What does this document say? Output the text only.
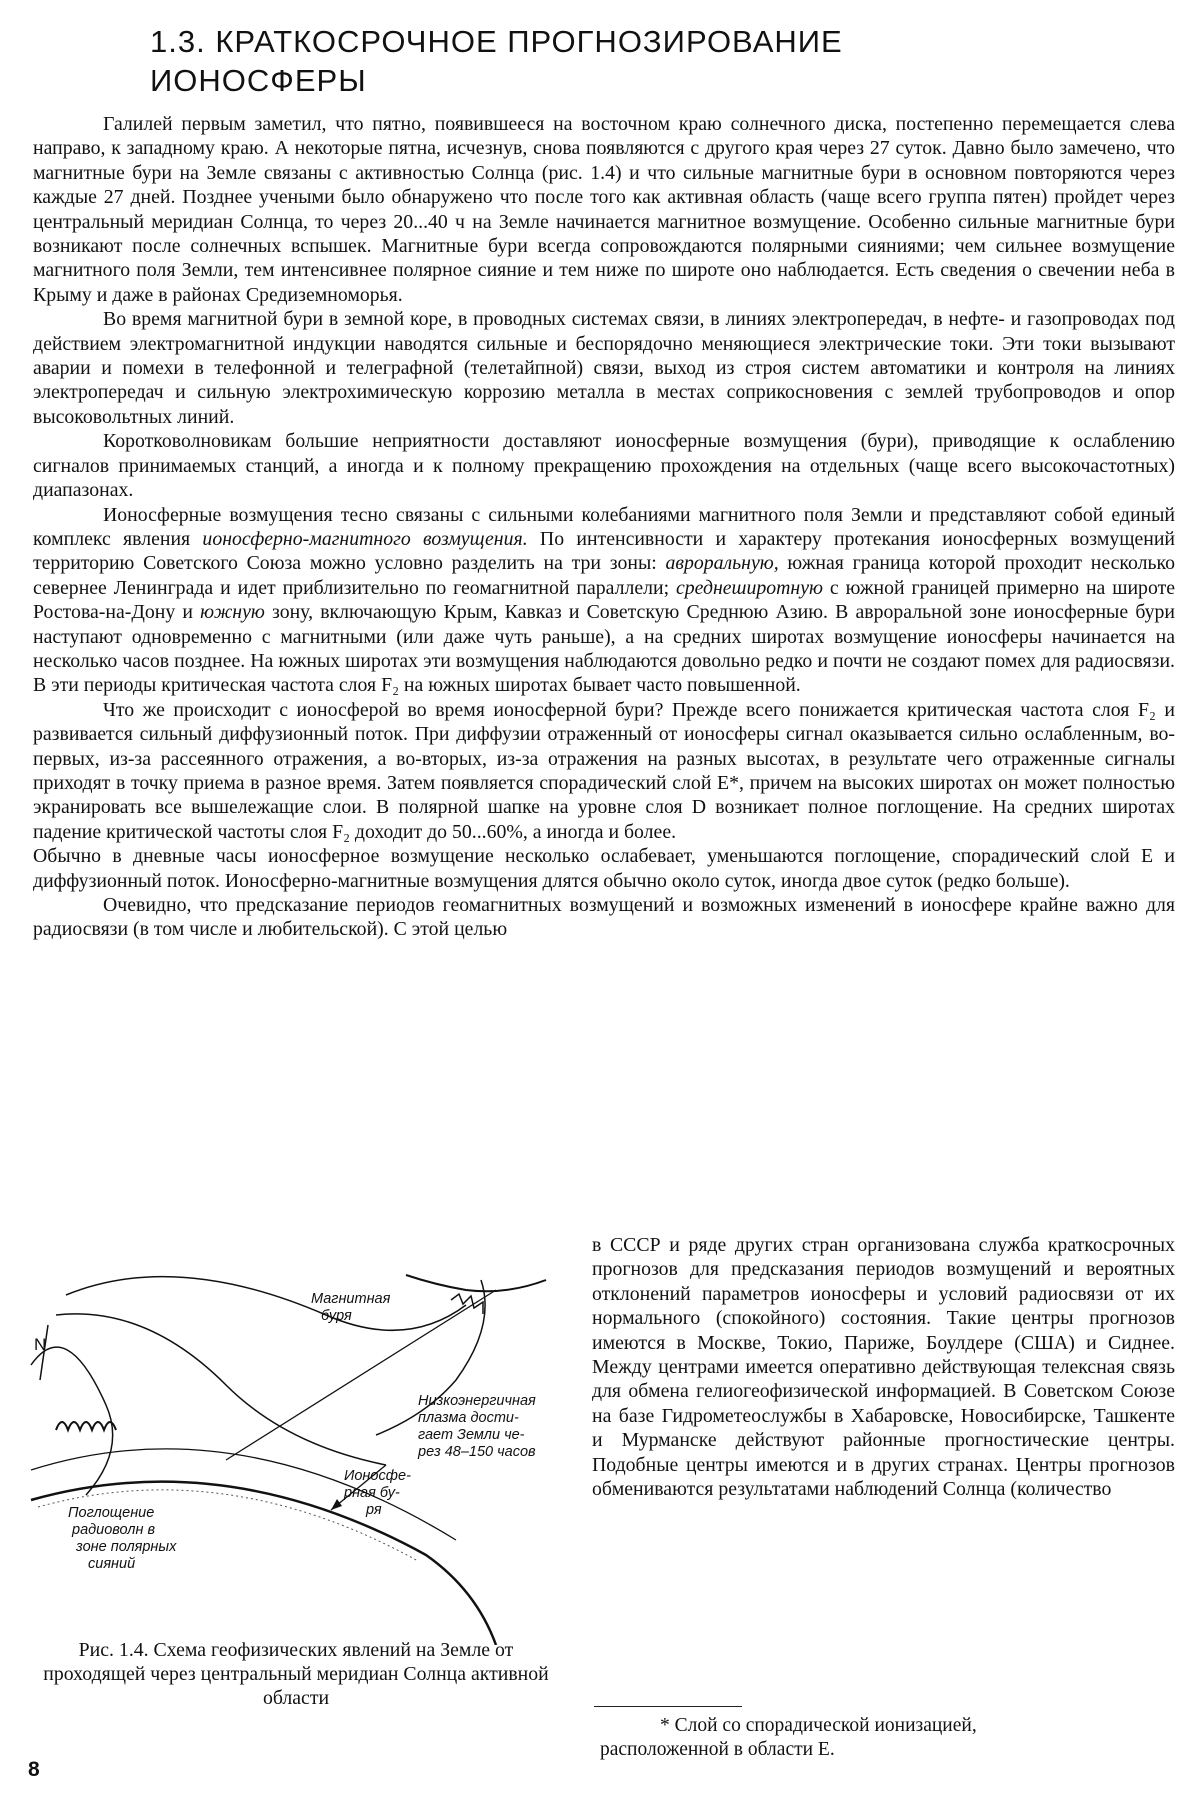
1.3. КРАТКОСРОЧНОЕ ПРОГНОЗИРОВАНИЕ
ИОНОСФЕРЫ

Галилей первым заметил, что пятно, появившееся на восточном краю солнечного диска, постепенно перемещается слева направо, к западному краю. А некоторые пятна, исчезнув, снова появляются с другого края через 27 суток. Давно было замечено, что магнитные бури на Земле связаны с активностью Солнца (рис. 1.4) и что сильные магнитные бури в основном повторяются через каждые 27 дней. Позднее учеными было обнаружено что после того как активная область (чаще всего группа пятен) пройдет через центральный меридиан Солнца, то через 20...40 ч на Земле начинается магнитное возмущение. Особенно сильные магнитные бури возникают после солнечных вспышек. Магнитные бури всегда сопровождаются полярными сияниями; чем сильнее возмущение магнитного поля Земли, тем интенсивнее полярное сияние и тем ниже по широте оно наблюдается. Есть сведения о свечении неба в Крыму и даже в районах Средиземноморья.

Во время магнитной бури в земной коре, в проводных системах связи, в линиях электропередач, в нефте- и газопроводах под действием электромагнитной индукции наводятся сильные и беспорядочно меняющиеся электрические токи. Эти токи вызывают аварии и помехи в телефонной и телеграфной (телетайпной) связи, выход из строя систем автоматики и контроля на линиях электропередач и сильную электрохимическую коррозию металла в местах соприкосновения с землей трубопроводов и опор высоковольтных линий.

Коротковолновикам большие неприятности доставляют ионосферные возмущения (бури), приводящие к ослаблению сигналов принимаемых станций, а иногда и к полному прекращению прохождения на отдельных (чаще всего высокочастотных) диапазонах.

Ионосферные возмущения тесно связаны с сильными колебаниями магнитного поля Земли и представляют собой единый комплекс явления ионосферно-магнитного возмущения. По интенсивности и характеру протекания ионосферных возмущений территорию Советского Союза можно условно разделить на три зоны: авроральную, южная граница которой проходит несколько севернее Ленинграда и идет приблизительно по геомагнитной параллели; среднеширотную с южной границей примерно на широте Ростова-на-Дону и южную зону, включающую Крым, Кавказ и Советскую Среднюю Азию. В авроральной зоне ионосферные бури наступают одновременно с магнитными (или даже чуть раньше), а на средних широтах возмущение ионосферы начинается на несколько часов позднее. На южных широтах эти возмущения наблюдаются довольно редко и почти не создают помех для радиосвязи. В эти периоды критическая частота слоя F₂ на южных широтах бывает часто повышенной.

Что же происходит с ионосферой во время ионосферной бури? Прежде всего понижается критическая частота слоя F₂ и развивается сильный диффузионный поток. При диффузии отраженный от ионосферы сигнал оказывается сильно ослабленным, во-первых, из-за рассеянного отражения, а во-вторых, из-за отражения на разных высотах, в результате чего отраженные сигналы приходят в точку приема в разное время. Затем появляется спорадический слой E*, причем на высоких широтах он может полностью экранировать все вышележащие слои. В полярной шапке на уровне слоя D возникает полное поглощение. На средних широтах падение критической частоты слоя F₂ доходит до 50...60%, а иногда и более.

Обычно в дневные часы ионосферное возмущение несколько ослабевает, уменьшаются поглощение, спорадический слой E и диффузионный поток. Ионосферно-магнитные возмущения длятся обычно около суток, иногда двое суток (редко больше).

Очевидно, что предсказание периодов геомагнитных возмущений и возможных изменений в ионосфере крайне важно для радиосвязи (в том числе и любительской). С этой целью

в СССР и ряде других стран организована служба краткосрочных прогнозов для предсказания периодов возмущений и вероятных отклонений параметров ионосферы и условий радиосвязи от их нормального (спокойного) состояния. Такие центры прогнозов имеются в Москве, Токио, Париже, Боулдере (США) и Сиднее. Между центрами имеется оперативно действующая телексная связь для обмена гелиогеофизической информацией. В Советском Союзе на базе Гидрометеослужбы в Хабаровске, Новосибирске, Ташкенте и Мурманске действуют районные прогностические центры. Подобные центры имеются и в других странах. Центры прогнозов обмениваются результатами наблюдений Солнца (количество

N
Магнитная
буря
Низкоэнергичная
плазма дости-
гает Земли че-
рез 48–150 часов
Ионосфе-
рная бу-
ря
Поглощение
радиоволн в
зоне полярных
сияний

Рис. 1.4. Схема геофизических явлений на Земле от проходящей через центральный меридиан Солнца активной области

* Слой со спорадической ионизацией,
расположенной в области E.

8
